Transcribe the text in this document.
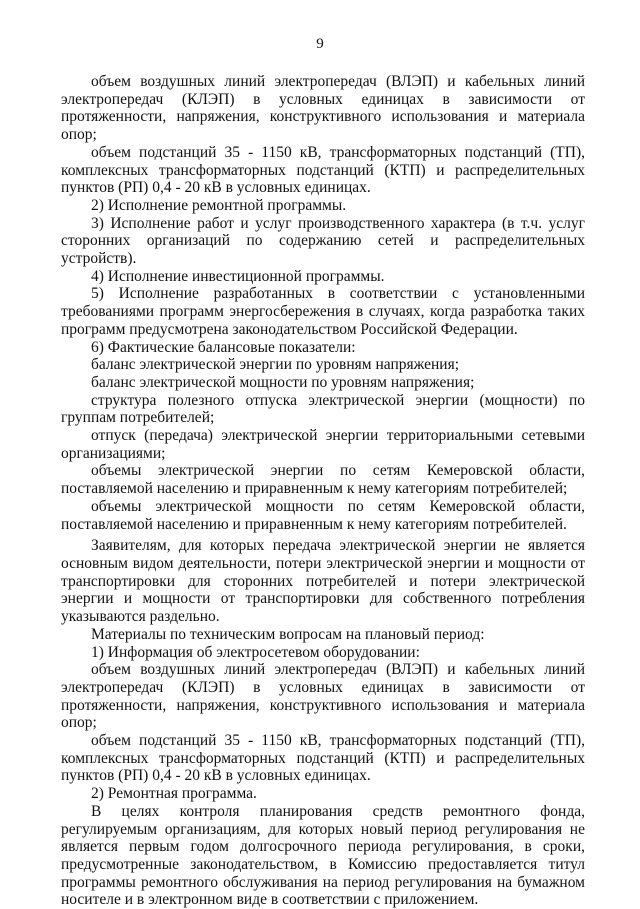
9

объем воздушных линий электропередач (ВЛЭП) и кабельных линий электропередач (КЛЭП) в условных единицах в зависимости от протяженности, напряжения, конструктивного использования и материала опор;

объем подстанций 35 - 1150 кВ, трансформаторных подстанций (ТП), комплексных трансформаторных подстанций (КТП) и распределительных пунктов (РП) 0,4 - 20 кВ в условных единицах.

2) Исполнение ремонтной программы.

3) Исполнение работ и услуг производственного характера (в т.ч. услуг сторонних организаций по содержанию сетей и распределительных устройств).

4) Исполнение инвестиционной программы.

5) Исполнение разработанных в соответствии с установленными требованиями программ энергосбережения в случаях, когда разработка таких программ предусмотрена законодательством Российской Федерации.

6) Фактические балансовые показатели:

баланс электрической энергии по уровням напряжения;

баланс электрической мощности по уровням напряжения;

структура полезного отпуска электрической энергии (мощности) по группам потребителей;

отпуск (передача) электрической энергии территориальными сетевыми организациями;

объемы электрической энергии по сетям Кемеровской области, поставляемой населению и приравненным к нему категориям потребителей;

объемы электрической мощности по сетям Кемеровской области, поставляемой населению и приравненным к нему категориям потребителей.

Заявителям, для которых передача электрической энергии не является основным видом деятельности, потери электрической энергии и мощности от транспортировки для сторонних потребителей и потери электрической энергии и мощности от транспортировки для собственного потребления указываются раздельно.

Материалы по техническим вопросам на плановый период:

1) Информация об электросетевом оборудовании:

объем воздушных линий электропередач (ВЛЭП) и кабельных линий электропередач (КЛЭП) в условных единицах в зависимости от протяженности, напряжения, конструктивного использования и материала опор;

объем подстанций 35 - 1150 кВ, трансформаторных подстанций (ТП), комплексных трансформаторных подстанций (КТП) и распределительных пунктов (РП) 0,4 - 20 кВ в условных единицах.

2) Ремонтная программа.

В целях контроля планирования средств ремонтного фонда, регулируемым организациям, для которых новый период регулирования не является первым годом долгосрочного периода регулирования, в сроки, предусмотренные законодательством, в Комиссию предоставляется титул программы ремонтного обслуживания на период регулирования на бумажном носителе и в электронном виде в соответствии с приложением.
